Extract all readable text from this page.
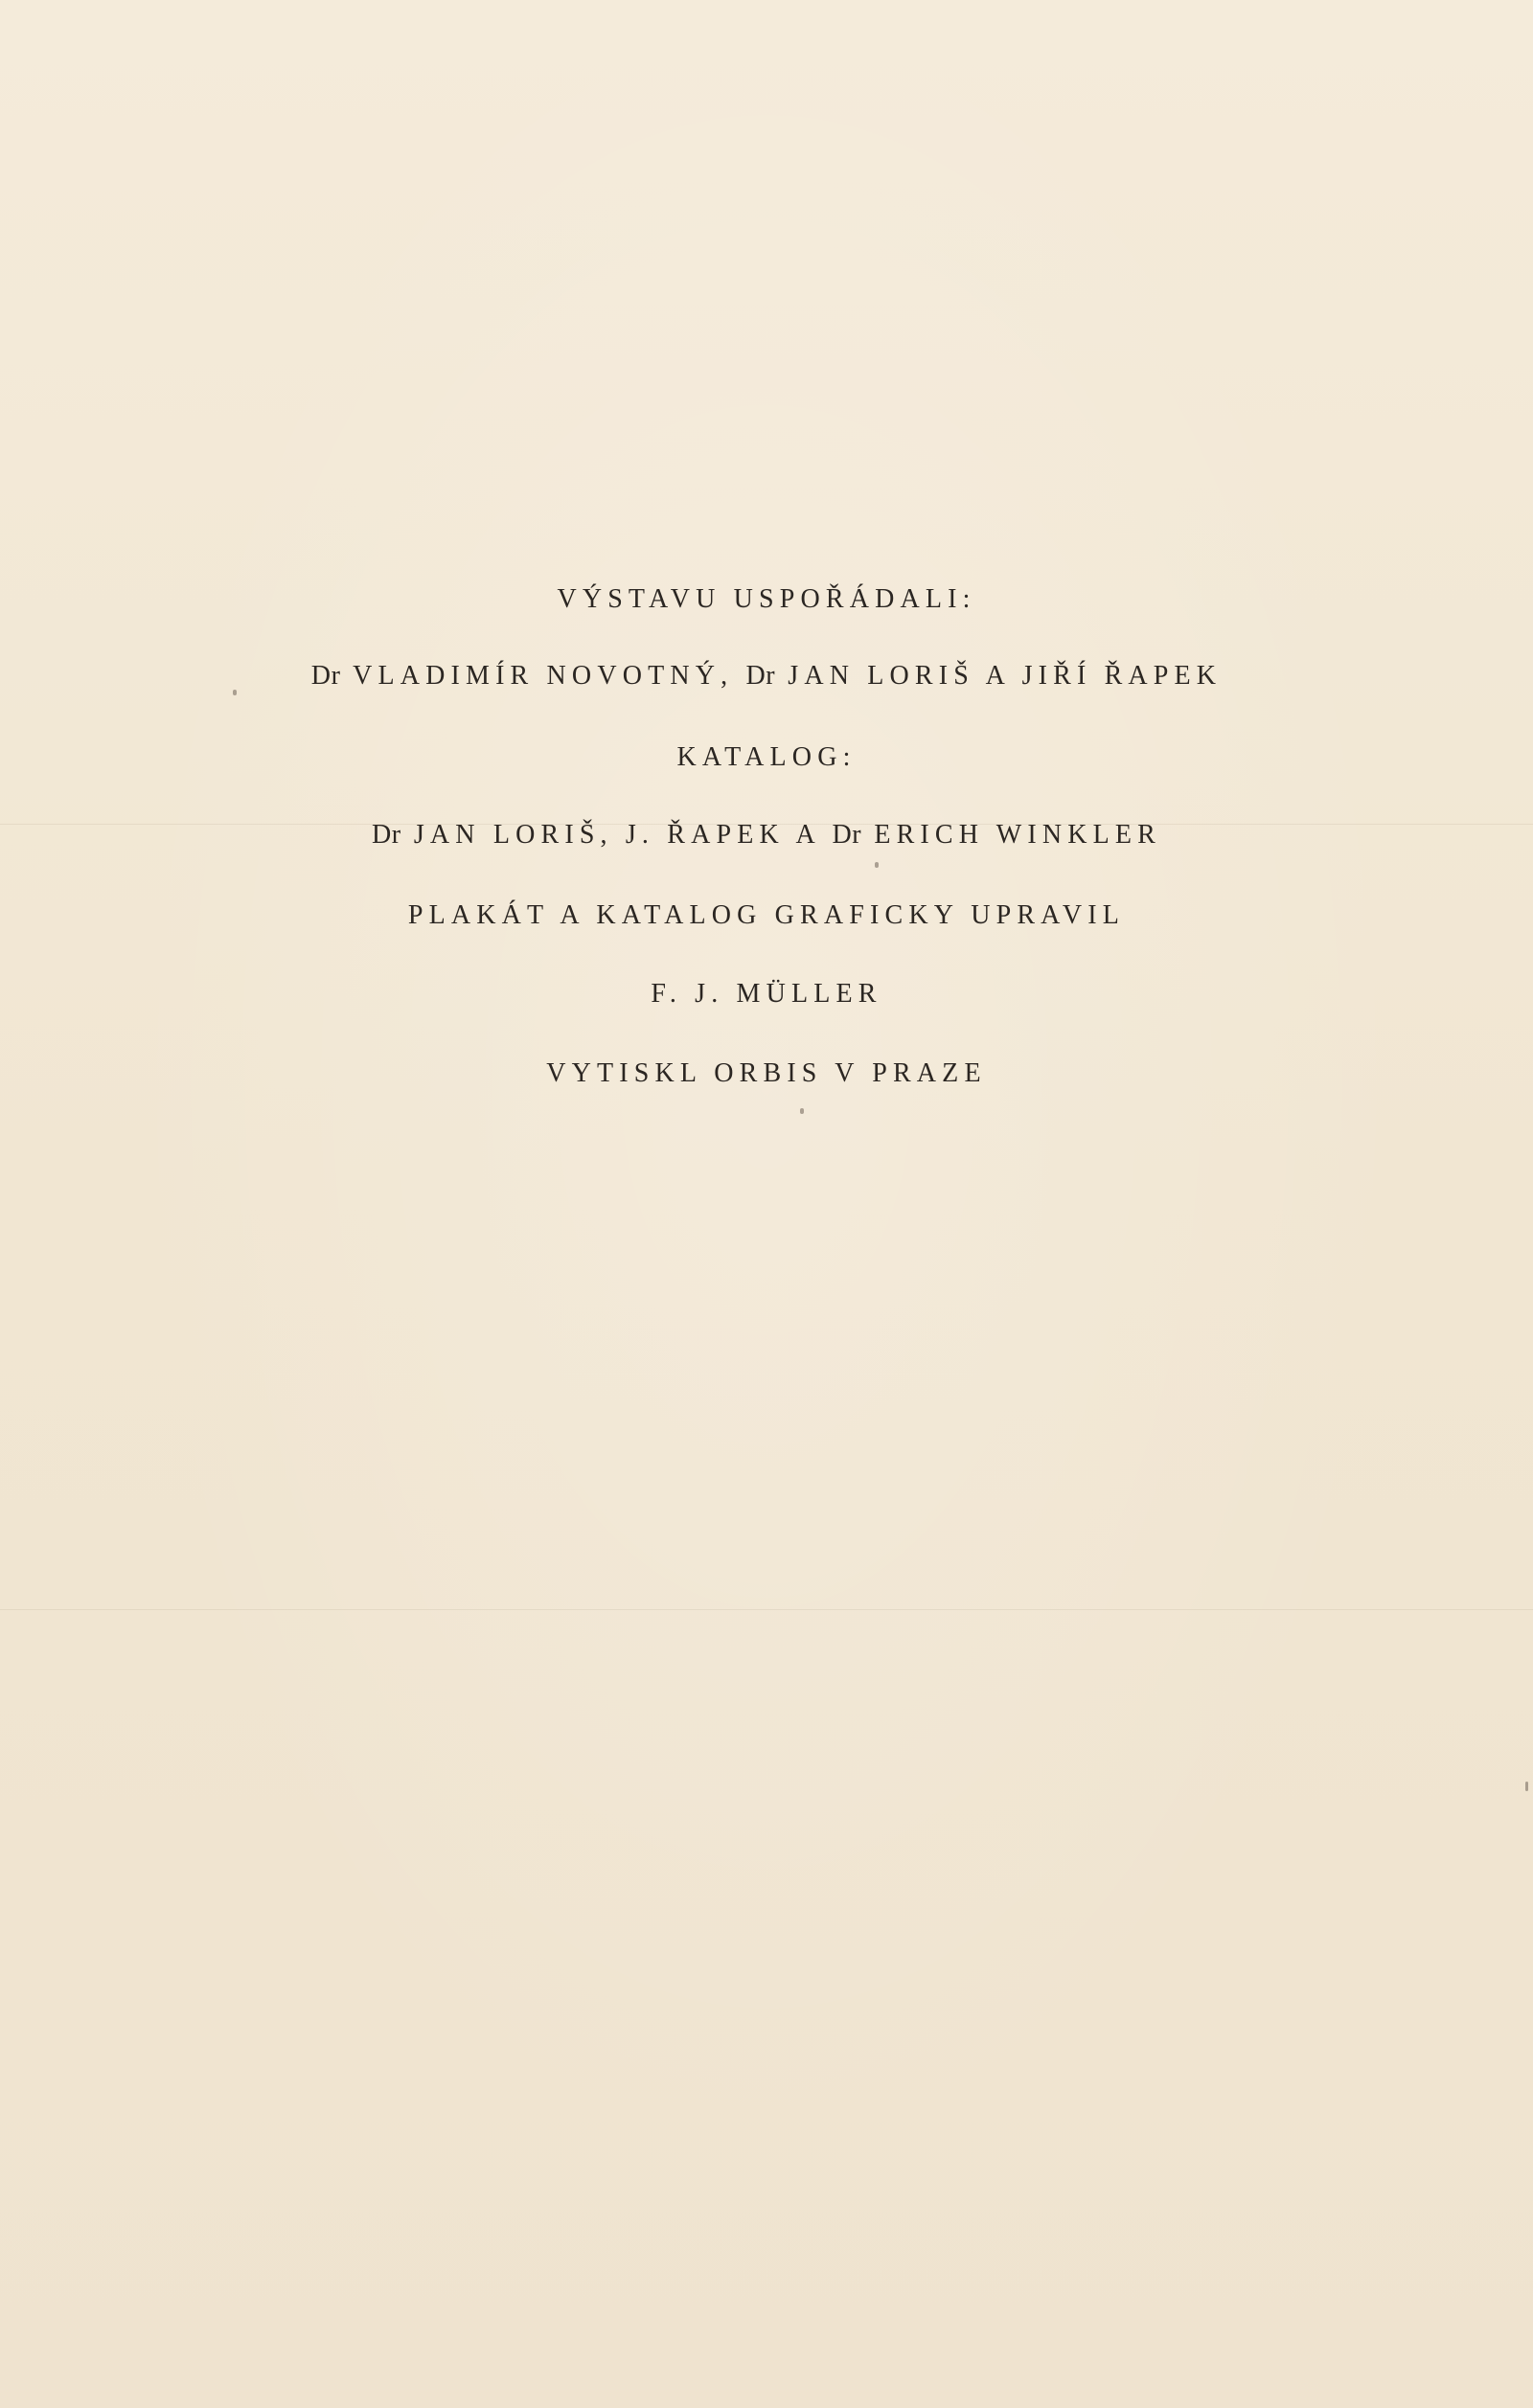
VÝSTAVU USPOŘÁDALI:
Dr VLADIMÍR NOVOTNÝ, Dr JAN LORIŠ A JIŘÍ ŘAPEK
KATALOG:
Dr JAN LORIŠ, J. ŘAPEK A Dr ERICH WINKLER
PLAKÁT A KATALOG GRAFICKY UPRAVIL
F. J. MÜLLER
VYTISKL ORBIS V PRAZE
